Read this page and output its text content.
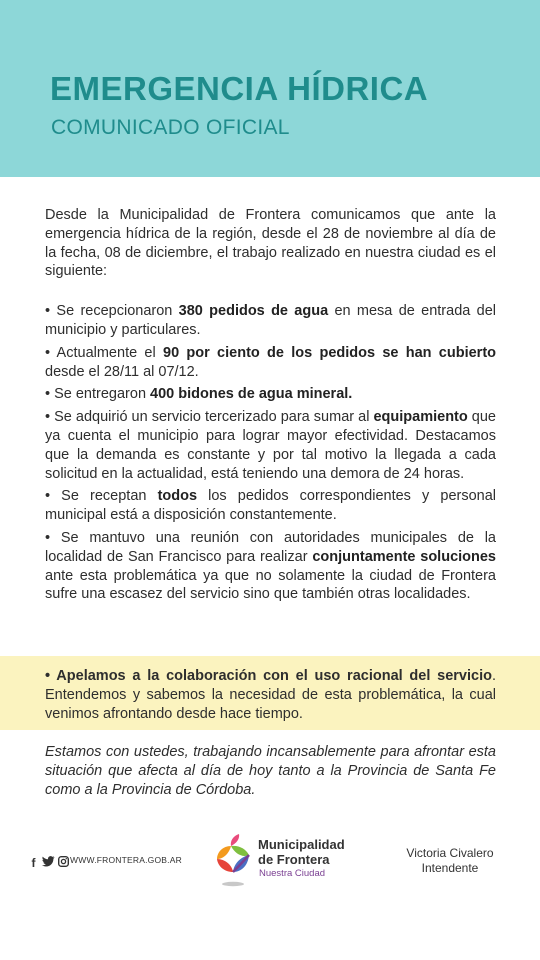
EMERGENCIA HÍDRICA
COMUNICADO OFICIAL

Desde la Municipalidad de Frontera comunicamos que ante la emergencia hídrica de la región, desde el 28 de noviembre al día de la fecha, 08 de diciembre, el trabajo realizado en nuestra ciudad es el siguiente:

• Se recepcionaron 380 pedidos de agua en mesa de entrada del municipio y particulares.

• Actualmente el 90 por ciento de los pedidos se han cubierto desde el 28/11 al 07/12.

• Se entregaron 400 bidones de agua mineral.

• Se adquirió un servicio tercerizado para sumar al equipamiento que ya cuenta el municipio para lograr mayor efectividad. Destacamos que la demanda es constante y por tal motivo la llegada a cada solicitud en la actualidad, está teniendo una demora de 24 horas.

• Se receptan todos los pedidos correspondientes y personal municipal está a disposición constantemente.

• Se mantuvo una reunión con autoridades municipales de la localidad de San Francisco para realizar conjuntamente soluciones ante esta problemática ya que no solamente la ciudad de Frontera sufre una escasez del servicio sino que también otras localidades.

• Apelamos a la colaboración con el uso racional del servicio. Entendemos y sabemos la necesidad de esta problemática, la cual venimos afrontando desde hace tiempo.

Estamos con ustedes, trabajando incansablemente para afrontar esta situación que afecta al día de hoy tanto a la Provincia de Santa Fe como a la Provincia de Córdoba.

f	WWW.FRONTERA.GOB.AR
Municipalidad
de Frontera
Nuestra Ciudad
Victoria Civalero
Intendente
